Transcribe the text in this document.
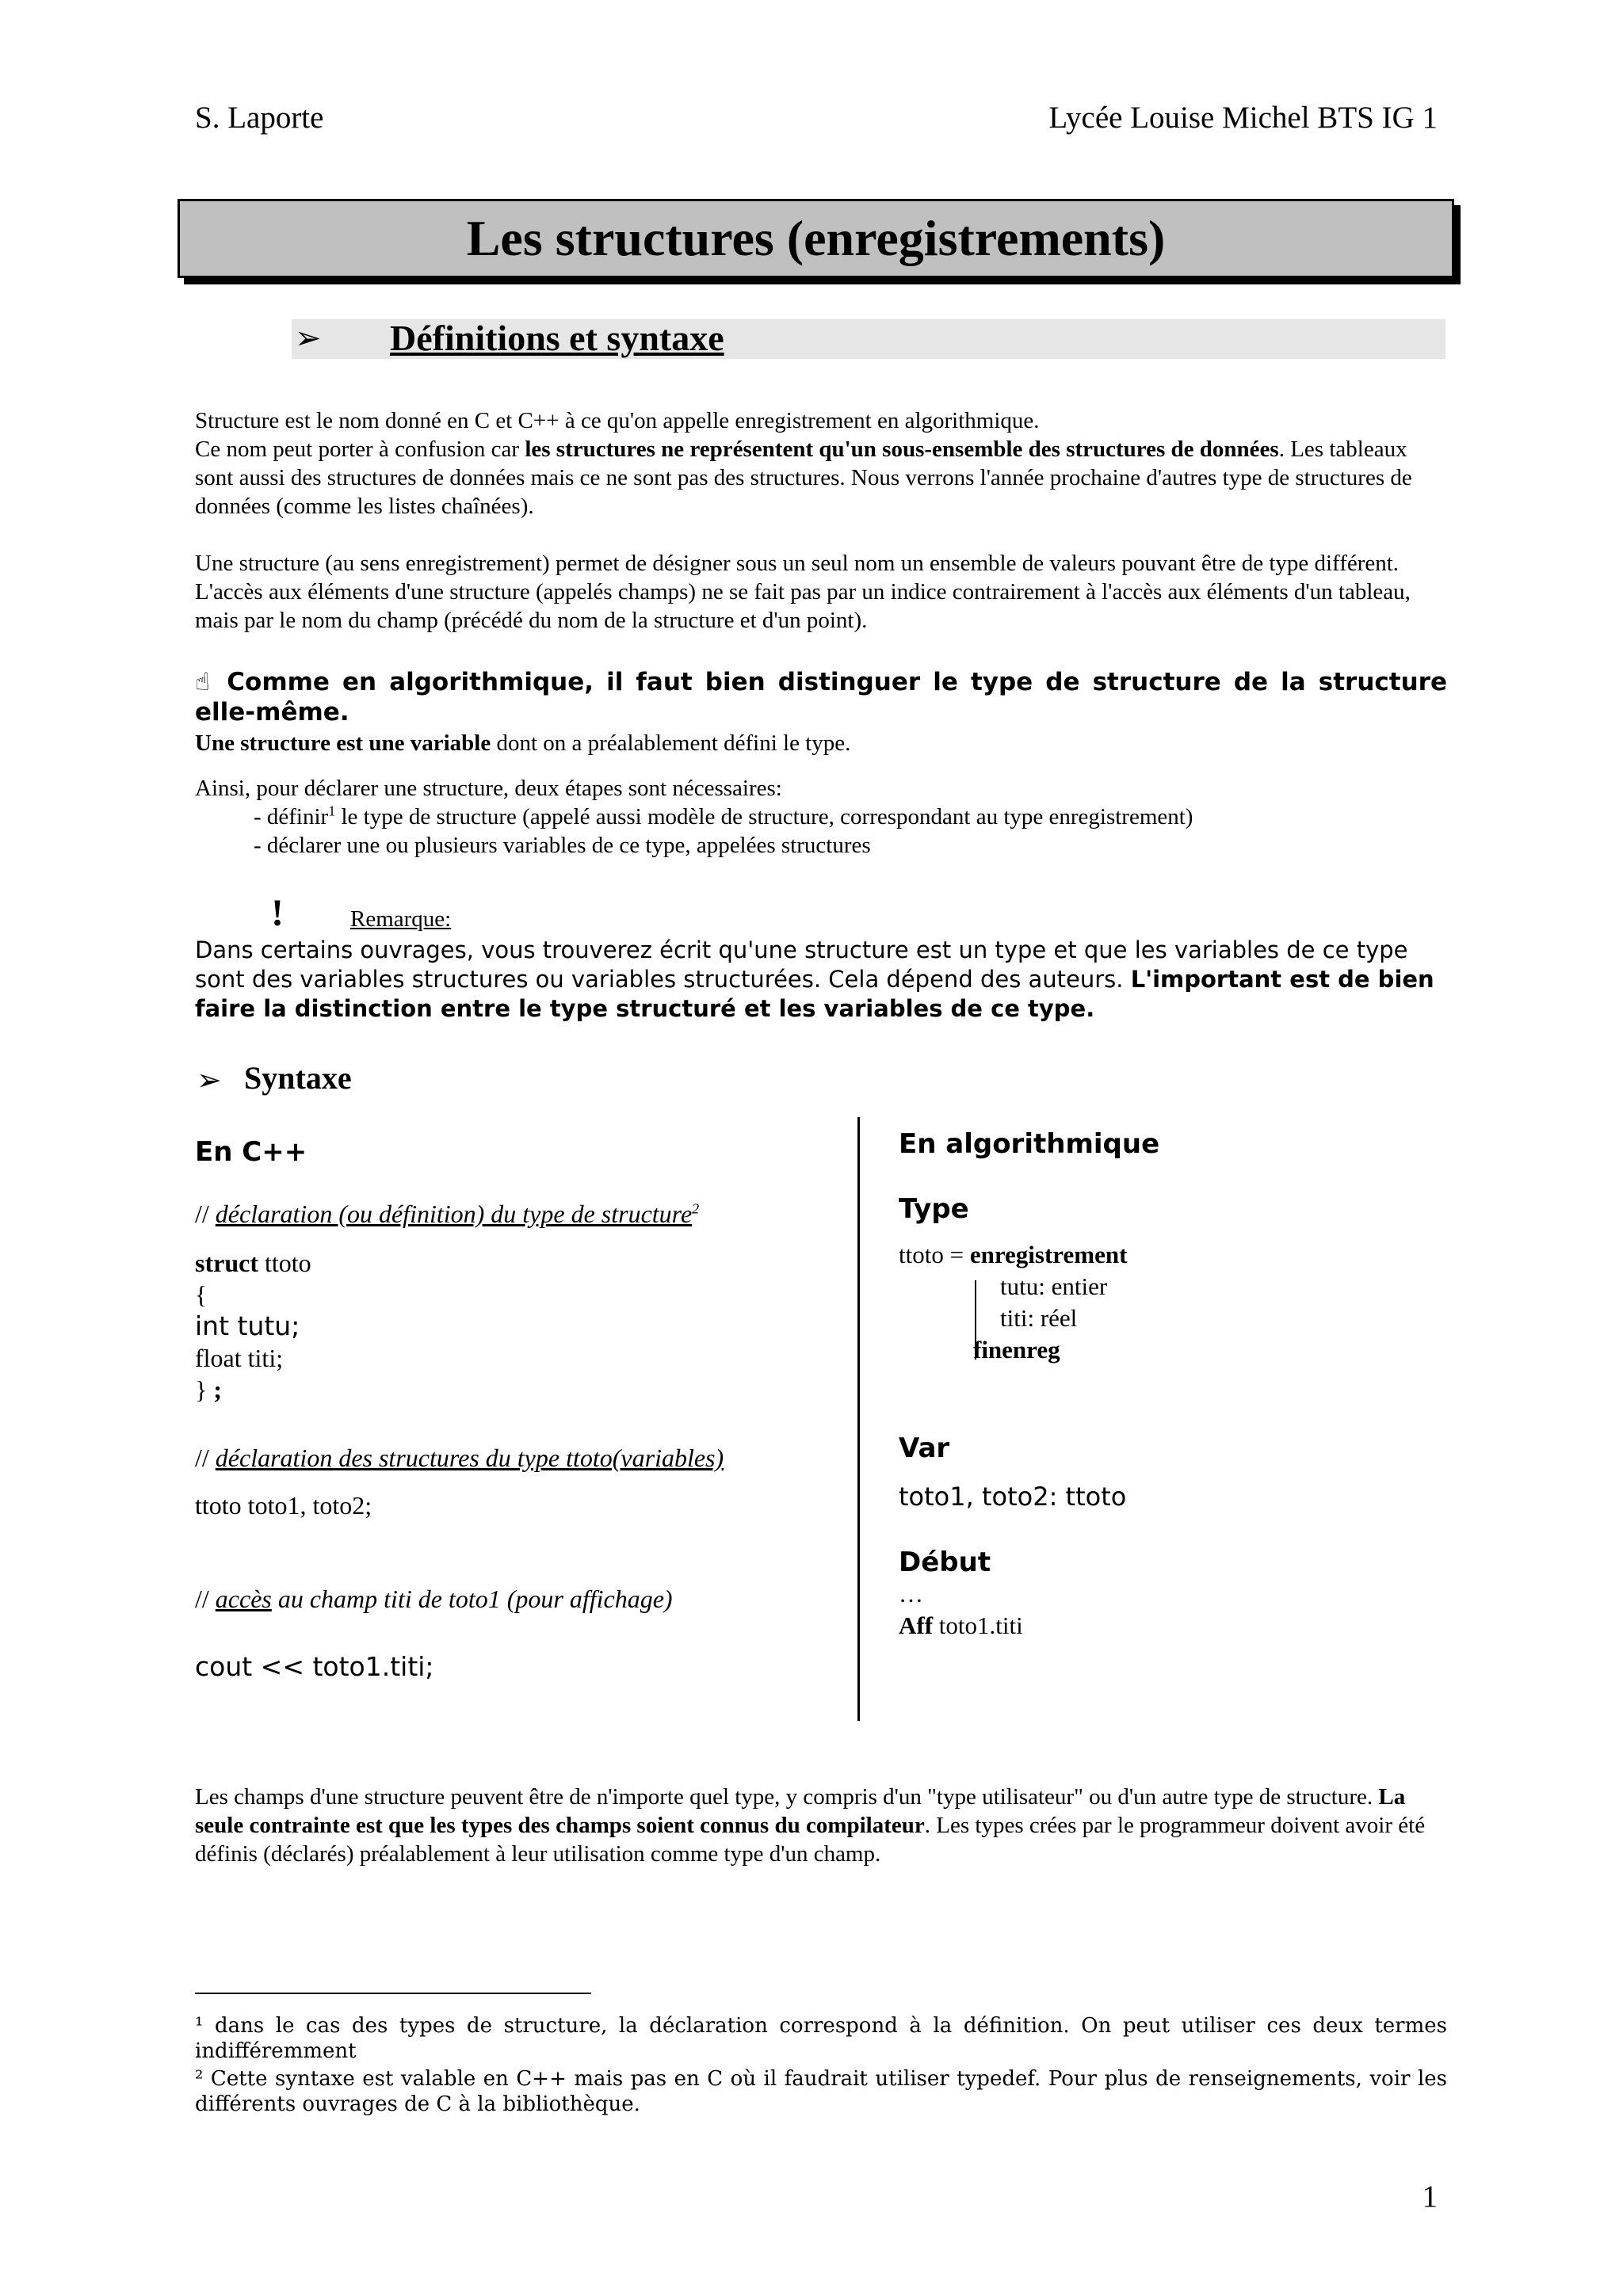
S. Laporte	Lycée Louise Michel BTS IG 1
Les structures (enregistrements)
➢ Définitions et syntaxe
Structure est le nom donné en C et C++ à ce qu'on appelle enregistrement en algorithmique.
Ce nom peut porter à confusion car les structures ne représentent qu'un sous-ensemble des structures de données. Les tableaux sont aussi des structures de données mais ce ne sont pas des structures. Nous verrons l'année prochaine d'autres type de structures de données (comme les listes chaînées).
Une structure (au sens enregistrement) permet de désigner sous un seul nom un ensemble de valeurs pouvant être de type différent. L'accès aux éléments d'une structure (appelés champs) ne se fait pas par un indice contrairement à l'accès aux éléments d'un tableau, mais par le nom du champ (précédé du nom de la structure et d'un point).
☝ Comme en algorithmique, il faut bien distinguer le type de structure de la structure elle-même.
Une structure est une variable dont on a préalablement défini le type.
Ainsi, pour déclarer une structure, deux étapes sont nécessaires:
- définir$^1$ le type de structure (appelé aussi modèle de structure, correspondant au type enregistrement)
- déclarer une ou plusieurs variables de ce type, appelées structures
!	Remarque:
Dans certains ouvrages, vous trouverez écrit qu'une structure est un type et que les variables de ce type sont des variables structures ou variables structurées. Cela dépend des auteurs. L'important est de bien faire la distinction entre le type structuré et les variables de ce type.
➢ Syntaxe
En C++
// déclaration (ou définition) du type de structure$^2$
struct ttoto
{
int tutu;
float titi;
} ;
// déclaration des structures du type ttoto(variables)
ttoto toto1, toto2;
// accès au champ titi de toto1 (pour affichage)
cout << toto1.titi;
En algorithmique
Type
ttoto = enregistrement
tutu: entier
titi: réel
finenreg
Var
toto1, toto2: ttoto
Début
…
Aff toto1.titi
Les champs d'une structure peuvent être de n'importe quel type, y compris d'un "type utilisateur" ou d'un autre type de structure. La seule contrainte est que les types des champs soient connus du compilateur. Les types crées par le programmeur doivent avoir été définis (déclarés) préalablement à leur utilisation comme type d'un champ.
¹ dans le cas des types de structure, la déclaration correspond à la définition. On peut utiliser ces deux termes indifféremment
² Cette syntaxe est valable en C++ mais pas en C où il faudrait utiliser typedef. Pour plus de renseignements, voir les différents ouvrages de C à la bibliothèque.
1
